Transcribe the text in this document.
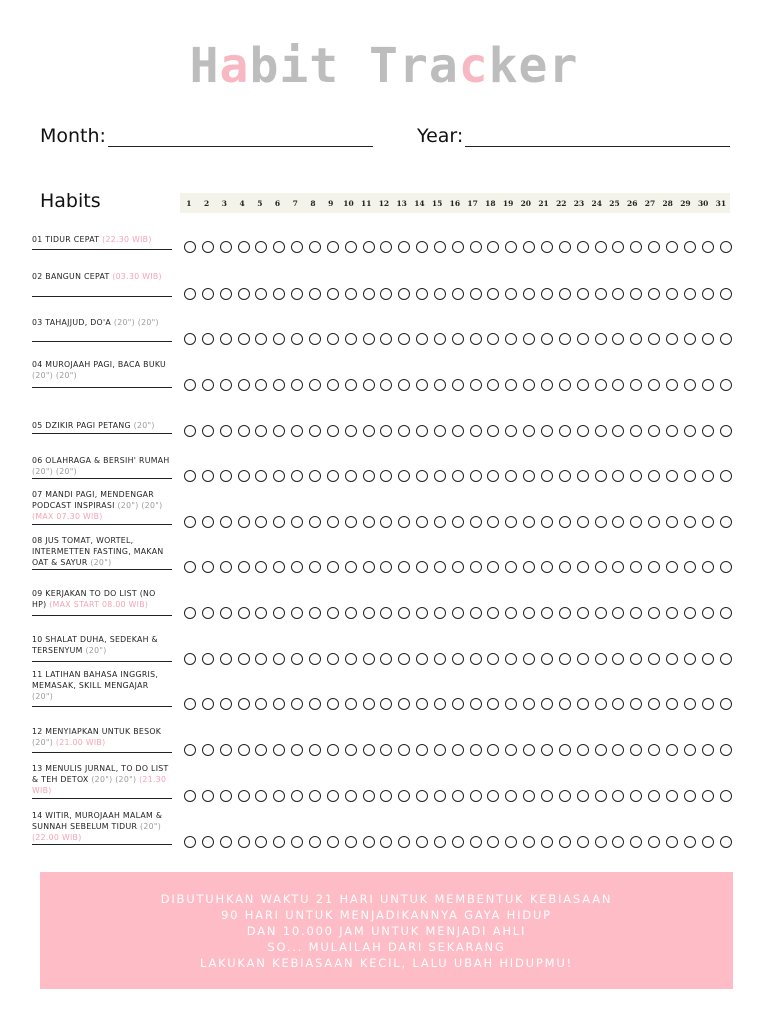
Habit Tracker
Month:	Year:
Habits	1	2	3	4	5	6	7	8	9	10 11 12 13 14 15 16 17 18 19 20 21 22 23 24 25 26 27 28 29 30 31
01 TIDUR CEPAT (22.30 WIB)
02 BANGUN CEPAT (03.30 WIB)
03 TAHAJJUD, DO'A (20") (20")
04 MUROJAAH PAGI, BACA BUKU (20") (20")
05 DZIKIR PAGI PETANG (20")
06 OLAHRAGA & BERSIH' RUMAH (20") (20")
07 MANDI PAGI, MENDENGAR PODCAST INSPIRASI (20") (20") (MAX 07.30 WIB)
08 JUS TOMAT, WORTEL, INTERMETTEN FASTING, MAKAN OAT & SAYUR (20")
09 KERJAKAN TO DO LIST (NO HP) (MAX START 08.00 WIB)
10 SHALAT DUHA, SEDEKAH & TERSENYUM (20")
11 LATIHAN BAHASA INGGRIS, MEMASAK, SKILL MENGAJAR (20")
12 MENYIAPKAN UNTUK BESOK (20") (21.00 WIB)
13 MENULIS JURNAL, TO DO LIST & TEH DETOX (20") (20") (21.30 WIB)
14 WITIR, MUROJAAH MALAM & SUNNAH SEBELUM TIDUR (20") (22.00 WIB)
DIBUTUHKAN WAKTU 21 HARI UNTUK MEMBENTUK KEBIASAAN
90 HARI UNTUK MENJADIKANNYA GAYA HIDUP
DAN 10.000 JAM UNTUK MENJADI AHLI
SO... MULAILAH DARI SEKARANG
LAKUKAN KEBIASAAN KECIL, LALU UBAH HIDUPMU!
